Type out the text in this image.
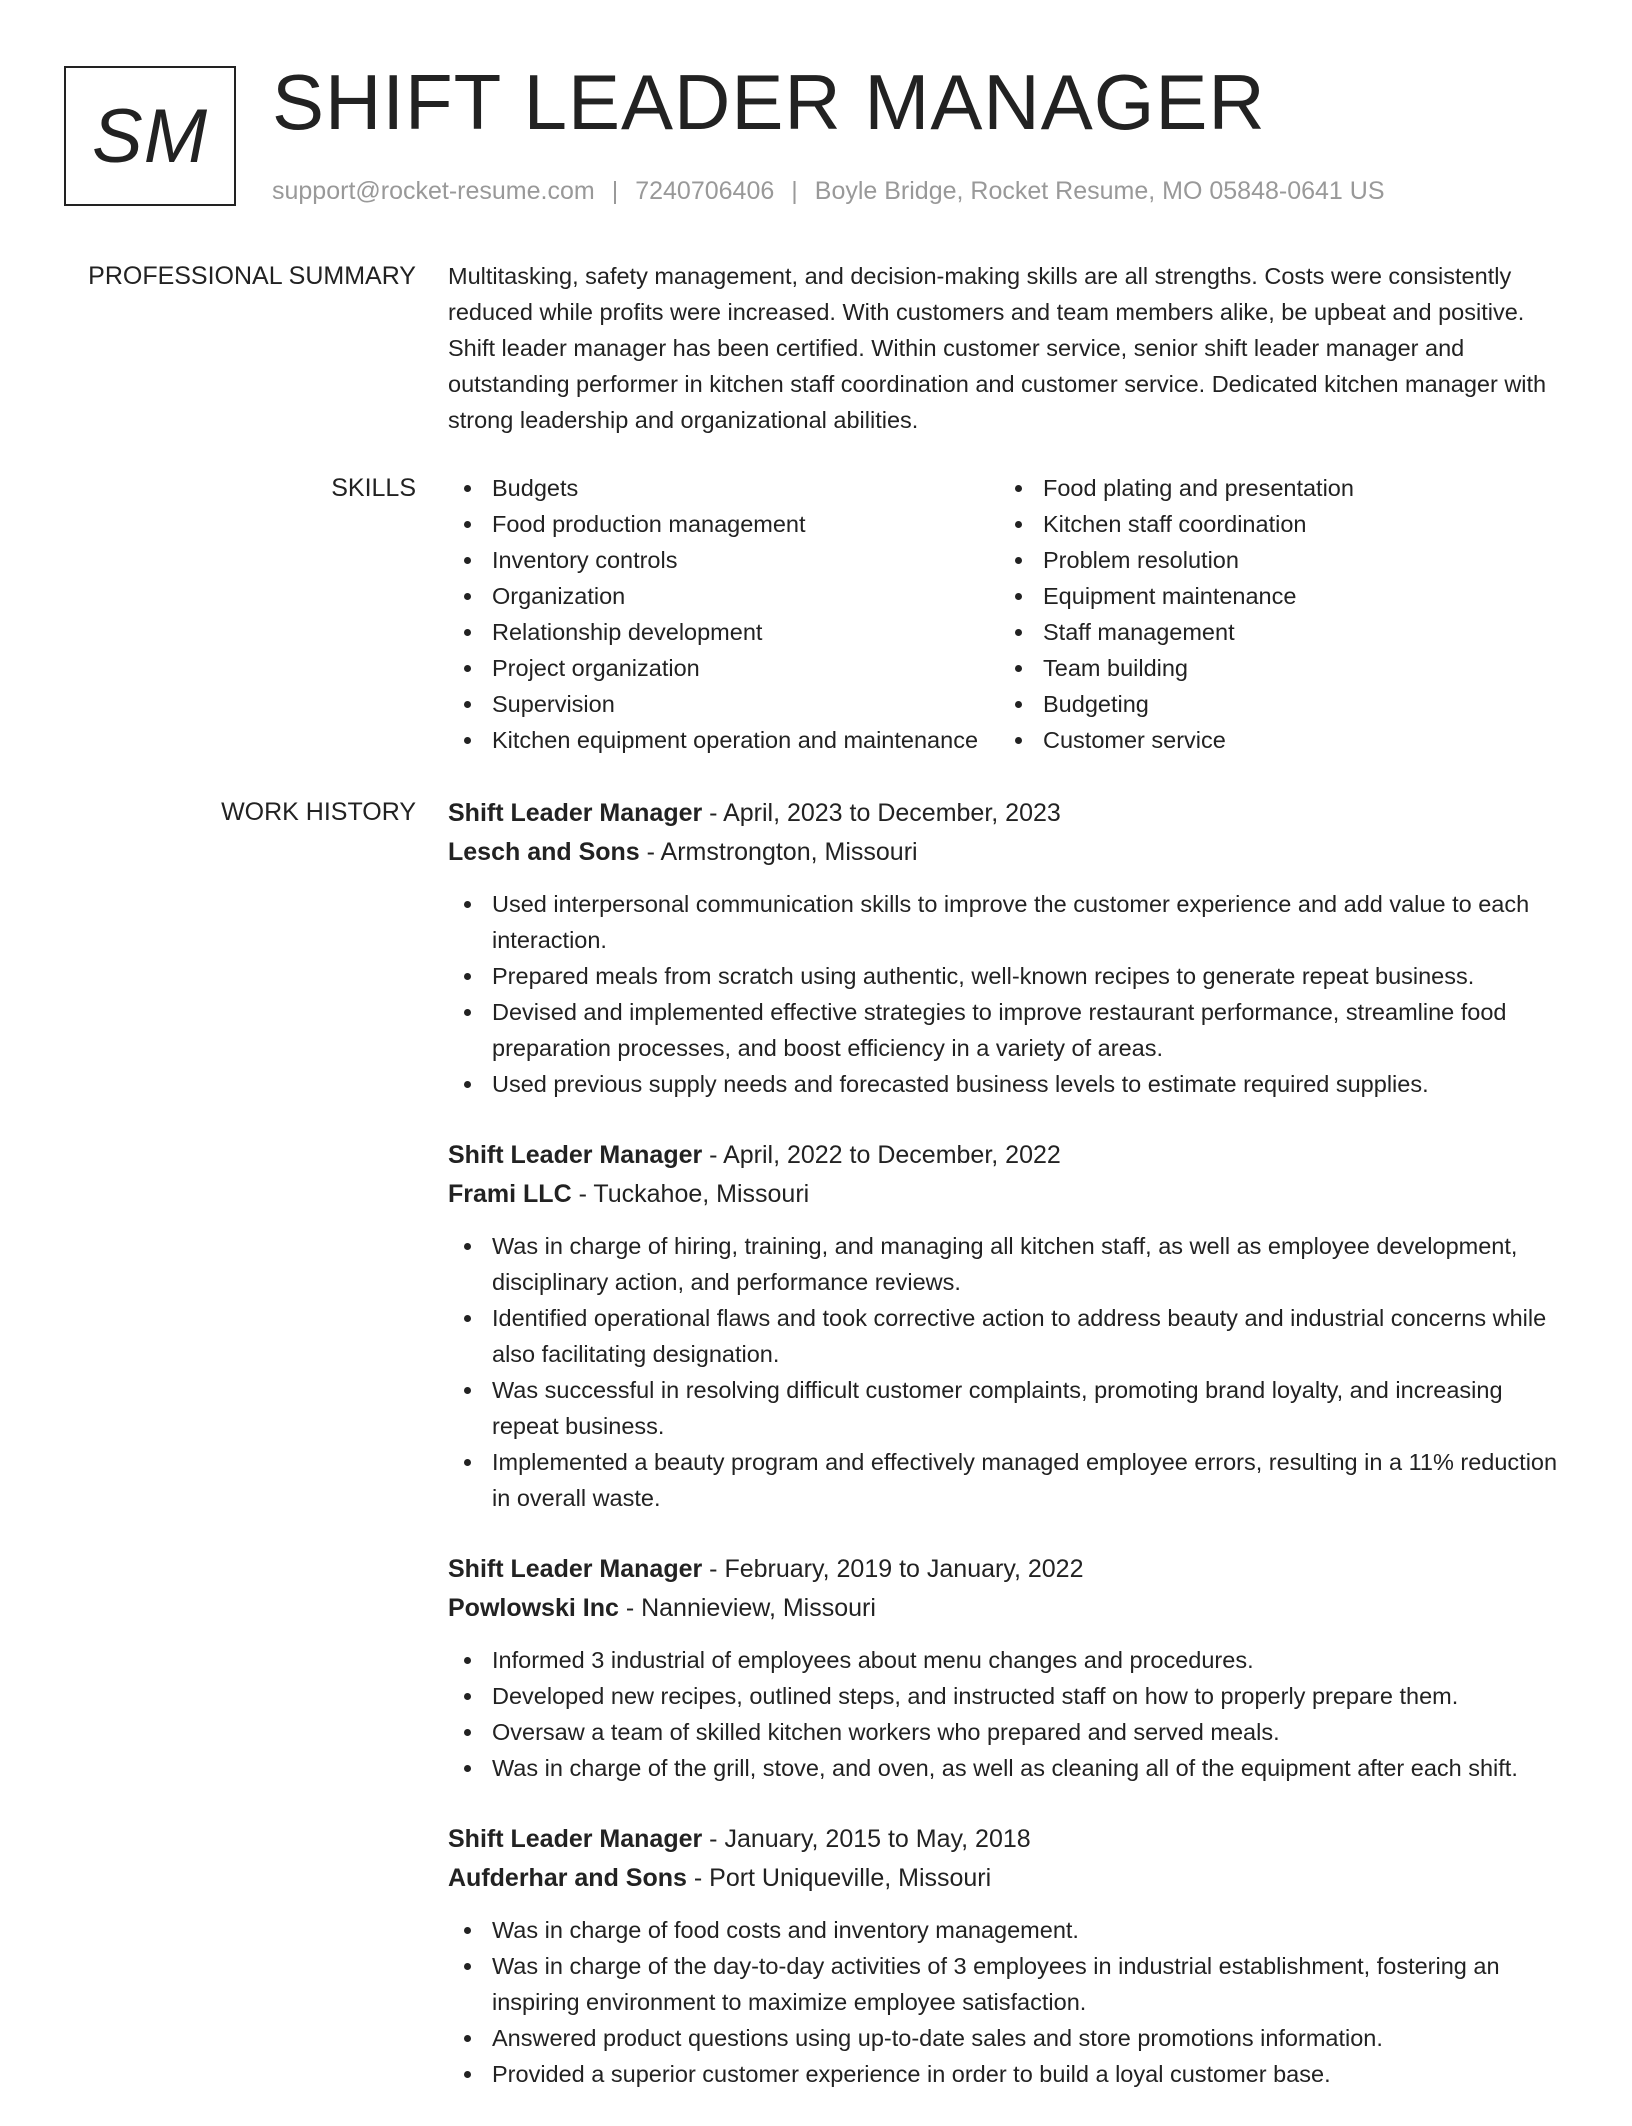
SM SHIFT LEADER MANAGER
support@rocket-resume.com | 7240706406 | Boyle Bridge, Rocket Resume, MO 05848-0641 US
PROFESSIONAL SUMMARY Multitasking, safety management, and decision-making skills are all strengths. Costs were consistently reduced while profits were increased. With customers and team members alike, be upbeat and positive. Shift leader manager has been certified. Within customer service, senior shift leader manager and outstanding performer in kitchen staff coordination and customer service. Dedicated kitchen manager with strong leadership and organizational abilities.

SKILLS	Budgets
Food production management
Inventory controls
Organization
Relationship development
Project organization
Supervision
Kitchen equipment operation and maintenance
Food plating and presentation
Kitchen staff coordination
Problem resolution
Equipment maintenance
Staff management
Team building
Budgeting
Customer service
WORK HISTORY Shift Leader Manager - April, 2023 to December, 2023
Lesch and Sons - Armstrongton, Missouri
Used interpersonal communication skills to improve the customer experience and add value to each interaction.
Prepared meals from scratch using authentic, well-known recipes to generate repeat business.
Devised and implemented effective strategies to improve restaurant performance, streamline food preparation processes, and boost efficiency in a variety of areas.
Used previous supply needs and forecasted business levels to estimate required supplies.
Shift Leader Manager - April, 2022 to December, 2022
Frami LLC - Tuckahoe, Missouri
Was in charge of hiring, training, and managing all kitchen staff, as well as employee development, disciplinary action, and performance reviews.
Identified operational flaws and took corrective action to address beauty and industrial concerns while also facilitating designation.
Was successful in resolving difficult customer complaints, promoting brand loyalty, and increasing repeat business.
Implemented a beauty program and effectively managed employee errors, resulting in a 11% reduction in overall waste.
Shift Leader Manager - February, 2019 to January, 2022
Powlowski Inc - Nannieview, Missouri
Informed 3 industrial of employees about menu changes and procedures.
Developed new recipes, outlined steps, and instructed staff on how to properly prepare them.
Oversaw a team of skilled kitchen workers who prepared and served meals.
Was in charge of the grill, stove, and oven, as well as cleaning all of the equipment after each shift.
Shift Leader Manager - January, 2015 to May, 2018
Aufderhar and Sons - Port Uniqueville, Missouri
Was in charge of food costs and inventory management.
Was in charge of the day-to-day activities of 3 employees in industrial establishment, fostering an inspiring environment to maximize employee satisfaction.
Answered product questions using up-to-date sales and store promotions information.
Provided a superior customer experience in order to build a loyal customer base.
